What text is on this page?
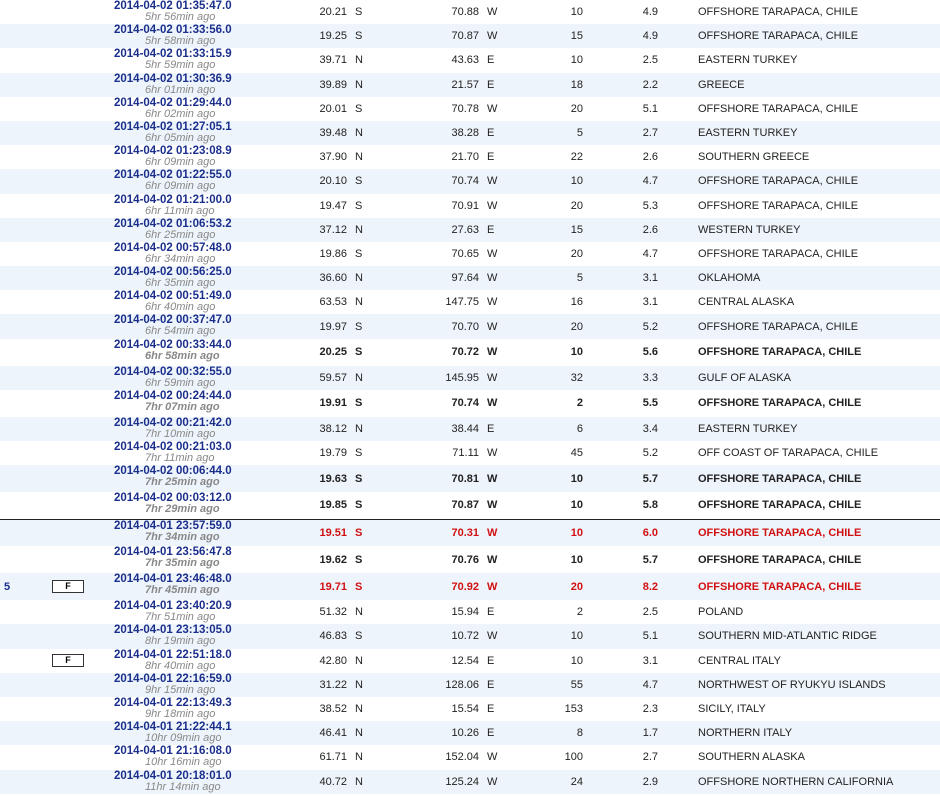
		2014-04-02 01:35:47.0
5hr 56min ago	20.21	S	70.88	W	10	4.9	OFFSHORE TARAPACA, CHILE

		2014-04-02 01:33:56.0
5hr 58min ago	19.25	S	70.87	W	15	4.9	OFFSHORE TARAPACA, CHILE

		2014-04-02 01:33:15.9
5hr 59min ago	39.71	N	43.63	E	10	2.5	EASTERN TURKEY

		2014-04-02 01:30:36.9
6hr 01min ago	39.89	N	21.57	E	18	2.2	GREECE

		2014-04-02 01:29:44.0
6hr 02min ago	20.01	S	70.78	W	20	5.1	OFFSHORE TARAPACA, CHILE

		2014-04-02 01:27:05.1
6hr 05min ago	39.48	N	38.28	E	5	2.7	EASTERN TURKEY

		2014-04-02 01:23:08.9
6hr 09min ago	37.90	N	21.70	E	22	2.6	SOUTHERN GREECE

		2014-04-02 01:22:55.0
6hr 09min ago	20.10	S	70.74	W	10	4.7	OFFSHORE TARAPACA, CHILE

		2014-04-02 01:21:00.0
6hr 11min ago	19.47	S	70.91	W	20	5.3	OFFSHORE TARAPACA, CHILE

		2014-04-02 01:06:53.2
6hr 25min ago	37.12	N	27.63	E	15	2.6	WESTERN TURKEY

		2014-04-02 00:57:48.0
6hr 34min ago	19.86	S	70.65	W	20	4.7	OFFSHORE TARAPACA, CHILE

		2014-04-02 00:56:25.0
6hr 35min ago	36.60	N	97.64	W	5	3.1	OKLAHOMA

		2014-04-02 00:51:49.0
6hr 40min ago	63.53	N	147.75	W	16	3.1	CENTRAL ALASKA

		2014-04-02 00:37:47.0
6hr 54min ago	19.97	S	70.70	W	20	5.2	OFFSHORE TARAPACA, CHILE

		2014-04-02 00:33:44.0
6hr 58min ago	20.25	S	70.72	W	10	5.6	OFFSHORE TARAPACA, CHILE

		2014-04-02 00:32:55.0
6hr 59min ago	59.57	N	145.95	W	32	3.3	GULF OF ALASKA

		2014-04-02 00:24:44.0
7hr 07min ago	19.91	S	70.74	W	2	5.5	OFFSHORE TARAPACA, CHILE

		2014-04-02 00:21:42.0
7hr 10min ago	38.12	N	38.44	E	6	3.4	EASTERN TURKEY

		2014-04-02 00:21:03.0
7hr 11min ago	19.79	S	71.11	W	45	5.2	OFF COAST OF TARAPACA, CHILE

		2014-04-02 00:06:44.0
7hr 25min ago	19.63	S	70.81	W	10	5.7	OFFSHORE TARAPACA, CHILE

		2014-04-02 00:03:12.0
7hr 29min ago	19.85	S	70.87	W	10	5.8	OFFSHORE TARAPACA, CHILE

		2014-04-01 23:57:59.0
7hr 34min ago	19.51	S	70.31	W	10	6.0	OFFSHORE TARAPACA, CHILE

		2014-04-01 23:56:47.8
7hr 35min ago	19.62	S	70.76	W	10	5.7	OFFSHORE TARAPACA, CHILE
5	F	2014-04-01 23:46:48.0
7hr 45min ago	19.71	S	70.92	W	20	8.2	OFFSHORE TARAPACA, CHILE

		2014-04-01 23:40:20.9
7hr 51min ago	51.32	N	15.94	E	2	2.5	POLAND

		2014-04-01 23:13:05.0
8hr 19min ago	46.83	S	10.72	W	10	5.1	SOUTHERN MID-ATLANTIC RIDGE
	F	2014-04-01 22:51:18.0
8hr 40min ago	42.80	N	12.54	E	10	3.1	CENTRAL ITALY

		2014-04-01 22:16:59.0
9hr 15min ago	31.22	N	128.06	E	55	4.7	NORTHWEST OF RYUKYU ISLANDS

		2014-04-01 22:13:49.3
9hr 18min ago	38.52	N	15.54	E	153	2.3	SICILY, ITALY

		2014-04-01 21:22:44.1
10hr 09min ago	46.41	N	10.26	E	8	1.7	NORTHERN ITALY

		2014-04-01 21:16:08.0
10hr 16min ago	61.71	N	152.04	W	100	2.7	SOUTHERN ALASKA

		2014-04-01 20:18:01.0
11hr 14min ago	40.72	N	125.24	W	24	2.9	OFFSHORE NORTHERN CALIFORNIA
